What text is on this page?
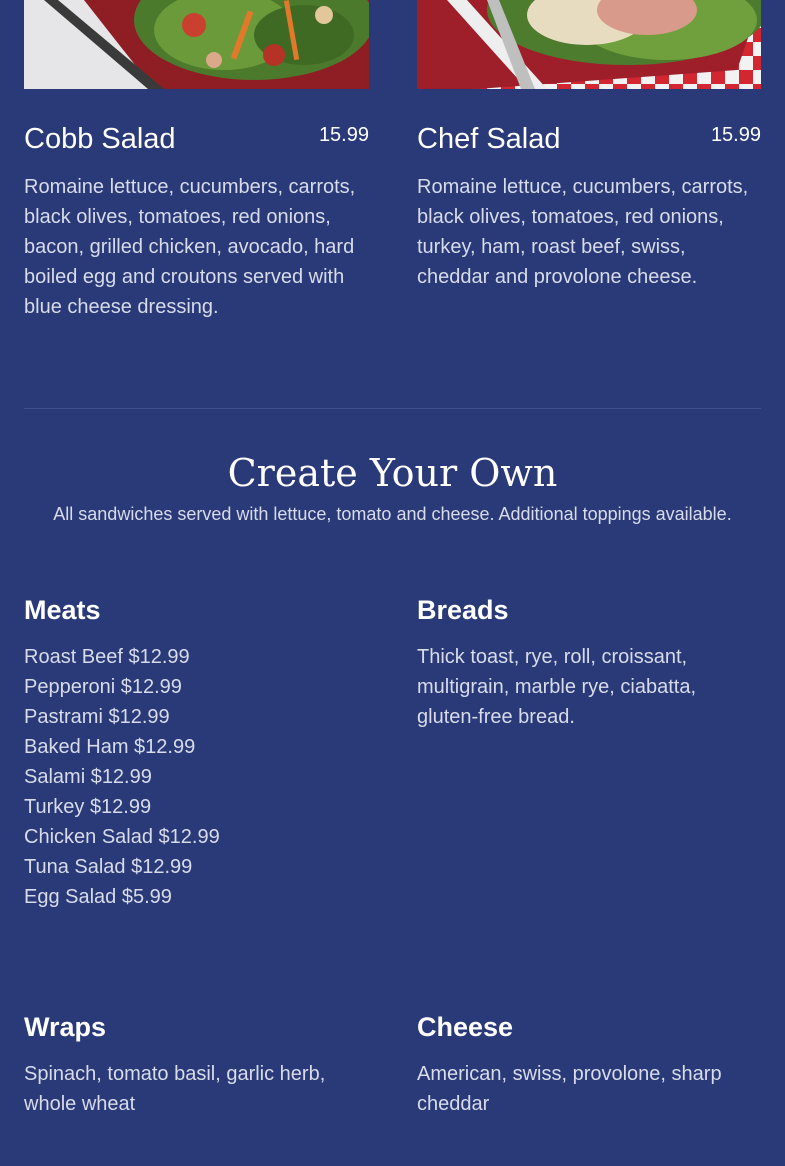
Cobb Salad	15.99
Romaine lettuce, cucumbers, carrots, black olives, tomatoes, red onions, bacon, grilled chicken, avocado, hard boiled egg and croutons served with blue cheese dressing.
Chef Salad	15.99
Romaine lettuce, cucumbers, carrots, black olives, tomatoes, red onions, turkey, ham, roast beef, swiss, cheddar and provolone cheese.
Create Your Own
All sandwiches served with lettuce, tomato and cheese. Additional toppings available.
Meats
Roast Beef $12.99
Pepperoni $12.99
Pastrami $12.99
Baked Ham $12.99
Salami $12.99
Turkey $12.99
Chicken Salad $12.99
Tuna Salad $12.99
Egg Salad $5.99
Breads
Thick toast, rye, roll, croissant, multigrain, marble rye, ciabatta, gluten-free bread.
Wraps
Spinach, tomato basil, garlic herb, whole wheat
Cheese
American, swiss, provolone, sharp cheddar
